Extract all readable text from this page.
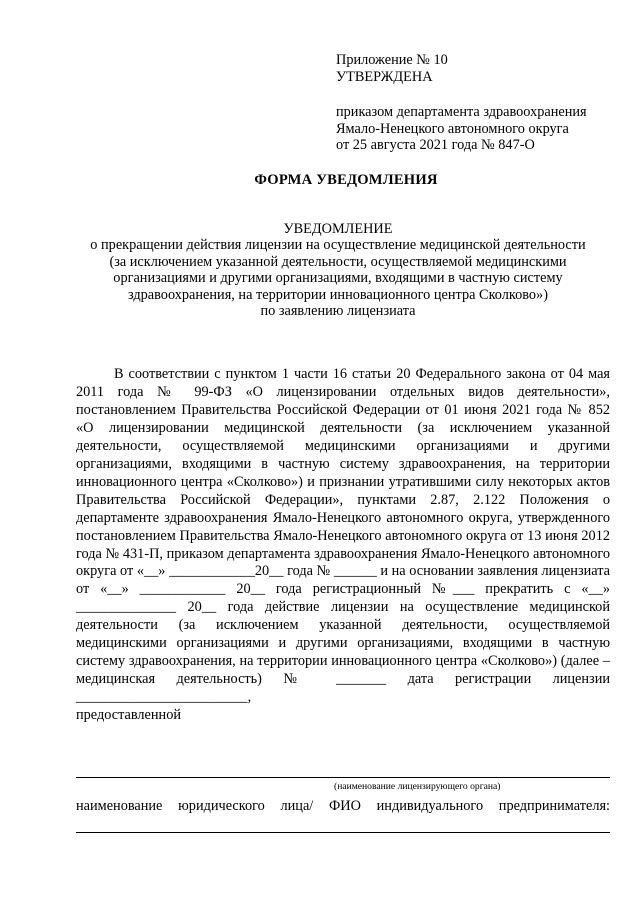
Приложение № 10
УТВЕРЖДЕНА
приказом департамента здравоохранения
Ямало-Ненецкого автономного округа
от 25 августа 2021 года № 847-О
ФОРМА УВЕДОМЛЕНИЯ
УВЕДОМЛЕНИЕ
о прекращении действия лицензии на осуществление медицинской деятельности
(за исключением указанной деятельности, осуществляемой медицинскими
организациями и другими организациями, входящими в частную систему
здравоохранения, на территории инновационного центра Сколково»)
по заявлению лицензиата

В соответствии с пунктом 1 части 16 статьи 20 Федерального закона от 04 мая 2011 года № 99-ФЗ «О лицензировании отдельных видов деятельности», постановлением Правительства Российской Федерации от 01 июня 2021 года № 852 «О лицензировании медицинской деятельности (за исключением указанной деятельности, осуществляемой медицинскими организациями и другими организациями, входящими в частную систему здравоохранения, на территории инновационного центра «Сколково») и признании утратившими силу некоторых актов Правительства Российской Федерации», пунктами 2.87, 2.122 Положения о департаменте здравоохранения Ямало-Ненецкого автономного округа, утвержденного постановлением Правительства Ямало-Ненецкого автономного округа от 13 июня 2012 года № 431-П, приказом департамента здравоохранения Ямало-Ненецкого автономного округа от «__» ____________20__ года № ______ и на основании заявления лицензиата от «__» ____________ 20__ года регистрационный №___ прекратить с «__» ______________ 20__ года действие лицензии на осуществление медицинской деятельности (за исключением указанной деятельности, осуществляемой медицинскими организациями и другими организациями, входящими в частную систему здравоохранения, на территории инновационного центра «Сколково») (далее – медицинская деятельность) № _______ дата регистрации лицензии ________________________,

предоставленной

(наименование лицензирующего органа)
наименование юридического лица/ ФИО индивидуального предпринимателя:
